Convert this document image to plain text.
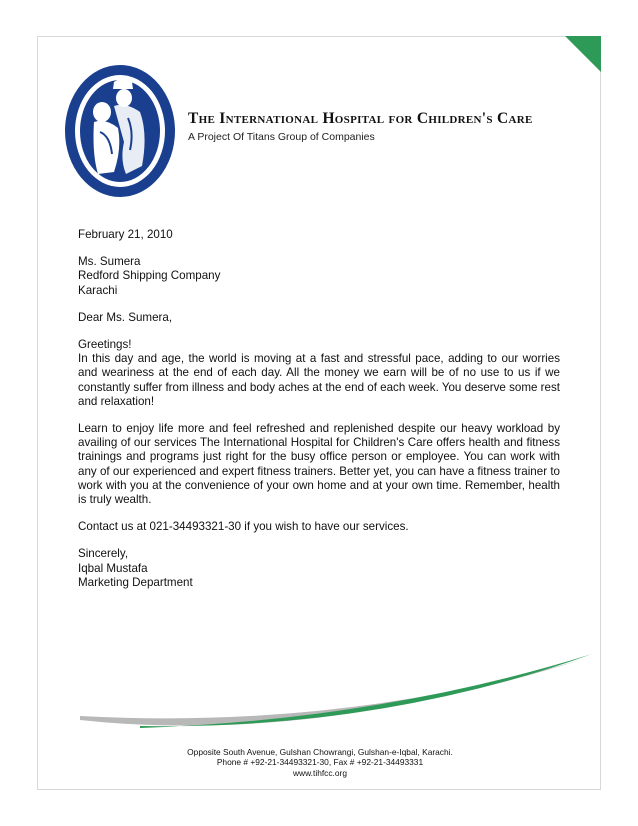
The International Hospital for Children's Care
A Project Of Titans Group of Companies

February 21, 2010

Ms. Sumera

Redford Shipping Company

Karachi

Dear Ms. Sumera,

Greetings!

In this day and age, the world is moving at a fast and stressful pace, adding to our worries and weariness at the end of each day. All the money we earn will be of no use to us if we constantly suffer from illness and body aches at the end of each week. You deserve some rest and relaxation!

Learn to enjoy life more and feel refreshed and replenished despite our heavy workload by availing of our services The International Hospital for Children's Care offers health and fitness trainings and programs just right for the busy office person or employee. You can work with any of our experienced and expert fitness trainers. Better yet, you can have a fitness trainer to work with you at the convenience of your own home and at your own time. Remember, health is truly wealth.

Contact us at 021-34493321-30 if you wish to have our services.

Sincerely,

Iqbal Mustafa

Marketing Department

Opposite South Avenue, Gulshan Chowrangi, Gulshan-e-Iqbal, Karachi.
Phone # +92-21-34493321-30, Fax # +92-21-34493331
www.tihfcc.org
